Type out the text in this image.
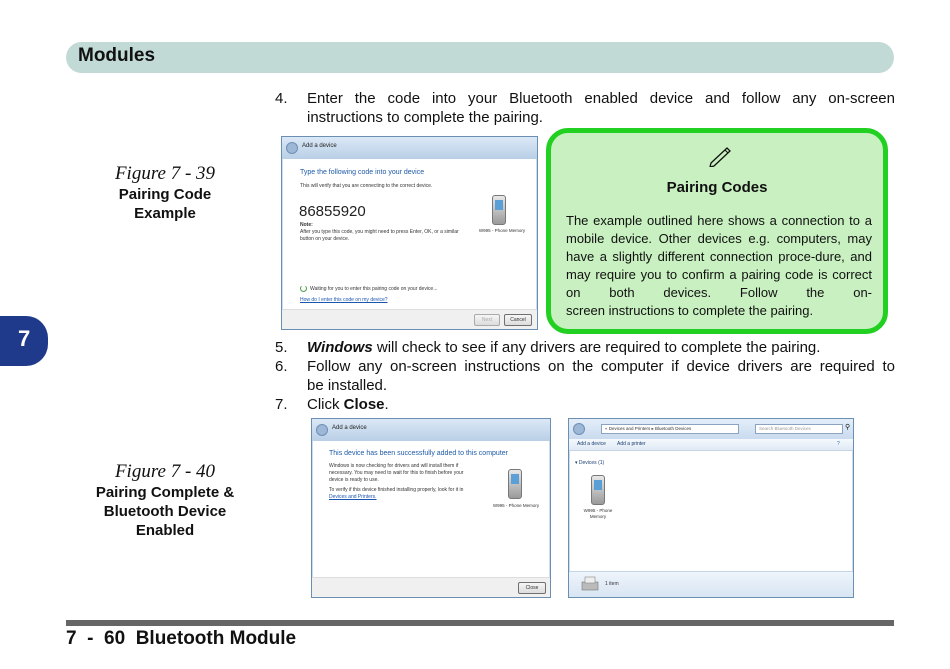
Modules
7
4. Enter the code into your Bluetooth enabled device and follow any on-screen
instructions to complete the pairing.
Figure 7 - 39
Pairing Code
Example
Add a device
Type the following code into your device
This will verify that you are connecting to the correct device.
86855920
Note:
After you type this code, you might need to press Enter, OK, or a similar button on your device.
W995 - Phone Memory
Waiting for you to enter this pairing code on your device...
How do I enter this code on my device?
Next	Cancel
Pairing Codes
The example outlined here shows a connection to a mobile device. Other devices e.g. computers, may have a slightly different connection proce-dure, and may require you to confirm a pairing code is correct on both devices. Follow the on-
screen instructions to complete the pairing.
5. Windows will check to see if any drivers are required to complete the pairing.
6. Follow any on-screen instructions on the computer if device drivers are required to
be installed.
7. Click Close.
Figure 7 - 40
Pairing Complete &
Bluetooth Device
Enabled
Add a device
This device has been successfully added to this computer
Windows is now checking for drivers and will install them if necessary. You may need to wait for this to finish before your device is ready to use.
To verify if this device finished installing properly, look for it in
Devices and Printers.
W995 - Phone Memory
Close
« Devices and Printers ▸ Bluetooth Devices	Search Bluetooth Devices	⚲
Add a device Add a printer	?
▾ Devices (1)
W995 - Phone
Memory
1 item
7  -  60  Bluetooth Module
